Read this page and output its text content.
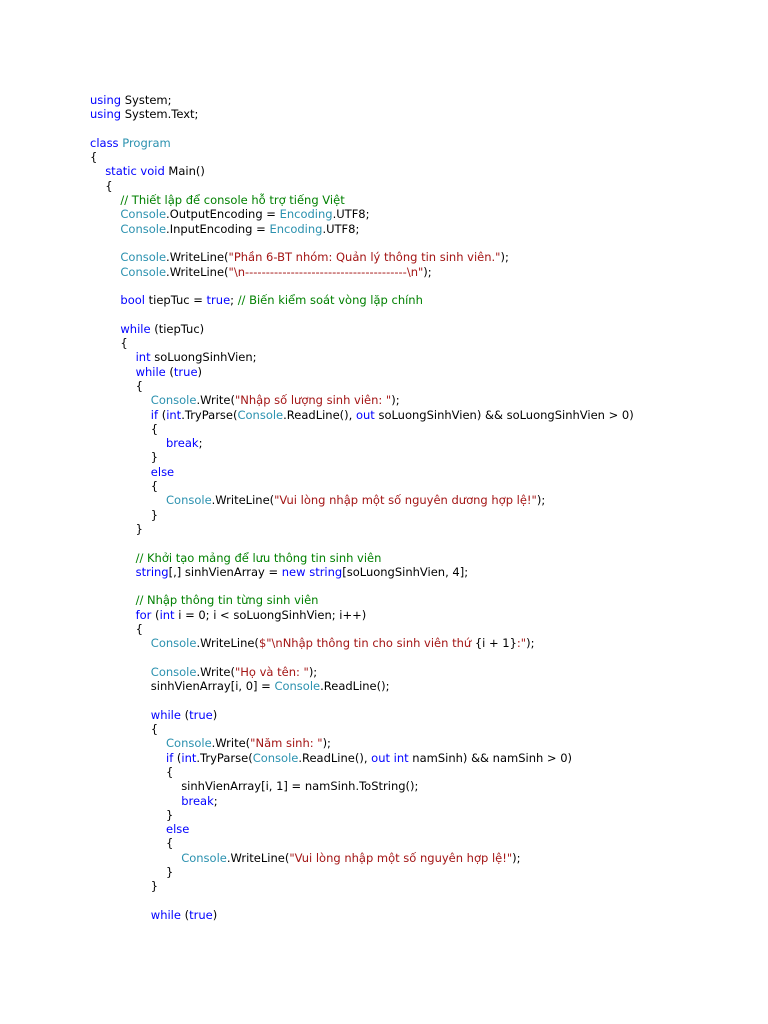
using System;
using System.Text;
class Program
{
static void Main()
{
// Thiết lập để console hỗ trợ tiếng Việt
Console.OutputEncoding = Encoding.UTF8;
Console.InputEncoding = Encoding.UTF8;
Console.WriteLine("Phần 6-BT nhóm: Quản lý thông tin sinh viên.");
Console.WriteLine("\n---------------------------------------\n");
bool tiepTuc = true; // Biến kiểm soát vòng lặp chính
while (tiepTuc)
{
int soLuongSinhVien;
while (true)
{
Console.Write("Nhập số lượng sinh viên: ");
if (int.TryParse(Console.ReadLine(), out soLuongSinhVien) && soLuongSinhVien > 0)
{
break;
}
else
{
Console.WriteLine("Vui lòng nhập một số nguyên dương hợp lệ!");
}
}
// Khởi tạo mảng để lưu thông tin sinh viên
string[,] sinhVienArray = new string[soLuongSinhVien, 4];
// Nhập thông tin từng sinh viên
for (int i = 0; i < soLuongSinhVien; i++)
{
Console.WriteLine($"\nNhập thông tin cho sinh viên thứ {i + 1}:");
Console.Write("Họ và tên: ");
sinhVienArray[i, 0] = Console.ReadLine();
while (true)
{
Console.Write("Năm sinh: ");
if (int.TryParse(Console.ReadLine(), out int namSinh) && namSinh > 0)
{
sinhVienArray[i, 1] = namSinh.ToString();
break;
}
else
{
Console.WriteLine("Vui lòng nhập một số nguyên hợp lệ!");
}
}
while (true)
